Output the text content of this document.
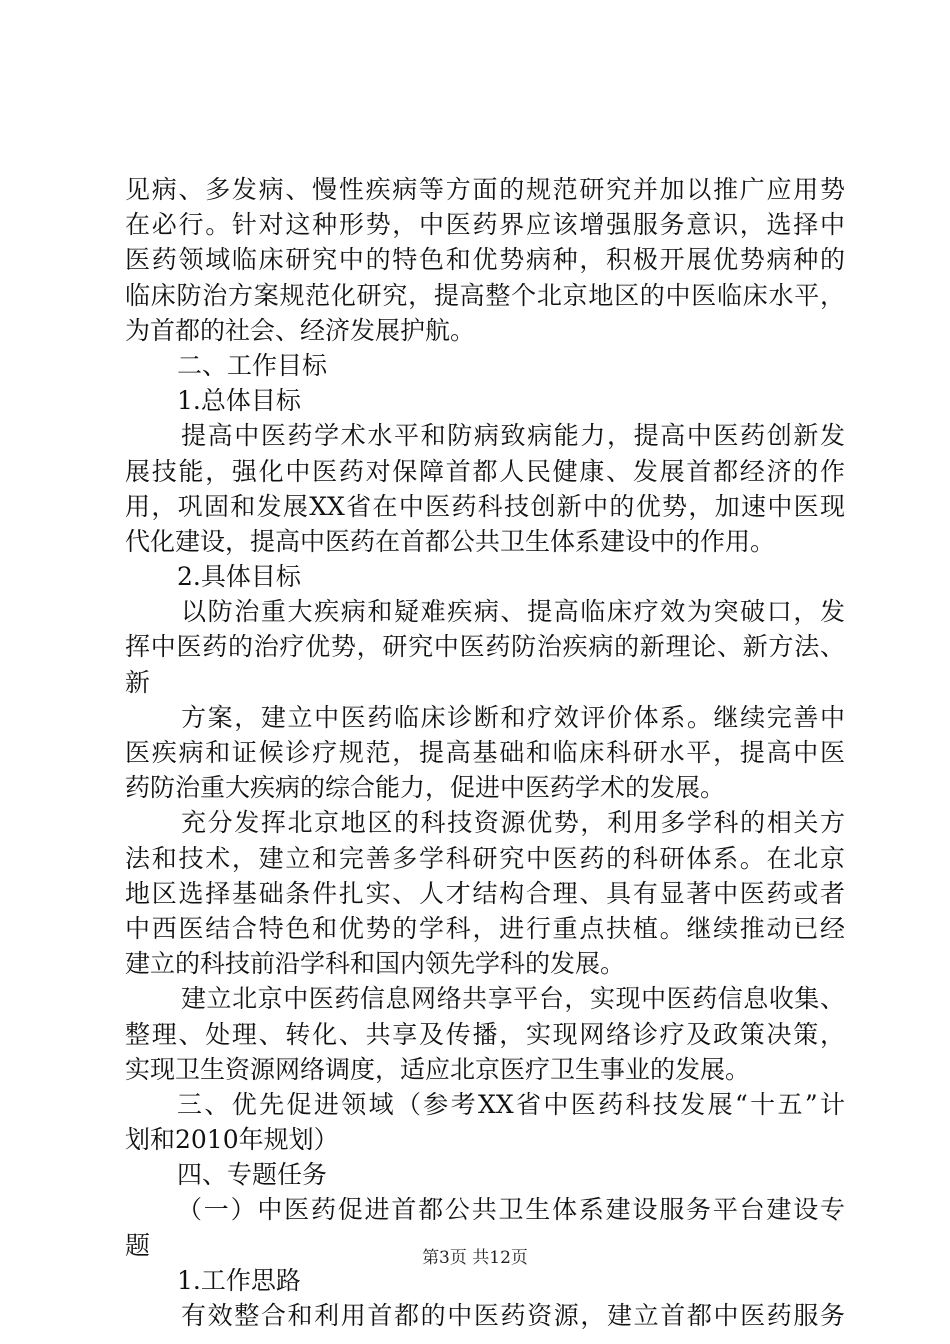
见病、多发病、慢性疾病等方面的规范研究并加以推广应用势
在必行。针对这种形势，中医药界应该增强服务意识，选择中
医药领域临床研究中的特色和优势病种，积极开展优势病种的
临床防治方案规范化研究，提高整个北京地区的中医临床水平，
为首都的社会、经济发展护航。
二、工作目标
1.总体目标
提高中医药学术水平和防病致病能力，提高中医药创新发
展技能，强化中医药对保障首都人民健康、发展首都经济的作
用，巩固和发展XX省在中医药科技创新中的优势，加速中医现
代化建设，提高中医药在首都公共卫生体系建设中的作用。
2.具体目标
以防治重大疾病和疑难疾病、提高临床疗效为突破口，发
挥中医药的治疗优势，研究中医药防治疾病的新理论、新方法、
新
方案，建立中医药临床诊断和疗效评价体系。继续完善中
医疾病和证候诊疗规范，提高基础和临床科研水平，提高中医
药防治重大疾病的综合能力，促进中医药学术的发展。
充分发挥北京地区的科技资源优势，利用多学科的相关方
法和技术，建立和完善多学科研究中医药的科研体系。在北京
地区选择基础条件扎实、人才结构合理、具有显著中医药或者
中西医结合特色和优势的学科，进行重点扶植。继续推动已经
建立的科技前沿学科和国内领先学科的发展。
建立北京中医药信息网络共享平台，实现中医药信息收集、
整理、处理、转化、共享及传播，实现网络诊疗及政策决策，
实现卫生资源网络调度，适应北京医疗卫生事业的发展。
三、优先促进领域（参考XX省中医药科技发展“十五”计
划和2010年规划）
四、专题任务
（一）中医药促进首都公共卫生体系建设服务平台建设专
题
1.工作思路
有效整合和利用首都的中医药资源，建立首都中医药服务
第3页 共12页
